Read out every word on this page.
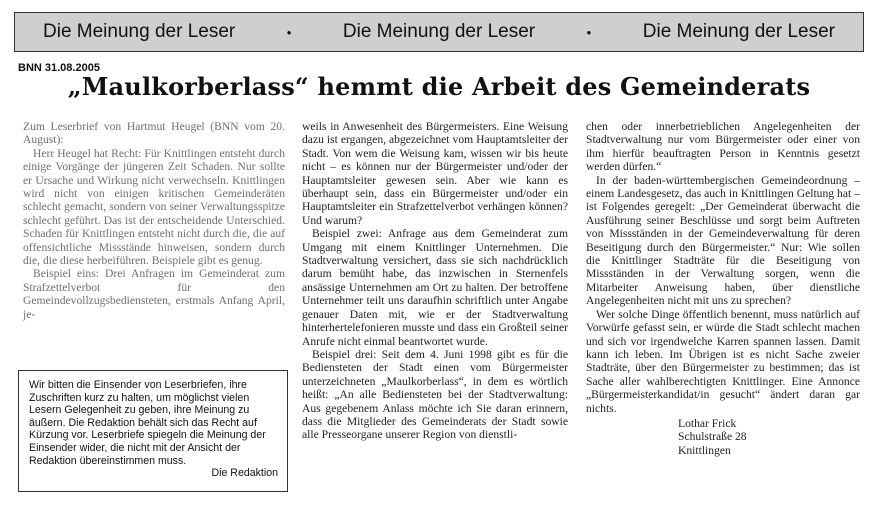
Die Meinung der Leser	•	Die Meinung der Leser	•	Die Meinung der Leser
BNN 31.08.2005
„Maulkorberlass“ hemmt die Arbeit des Gemeinderats

Zum Leserbrief von Hartmut Heugel (BNN vom 20. August):

Herr Heugel hat Recht: Für Knittlingen entsteht durch einige Vorgänge der jüngeren Zeit Schaden. Nur sollte er Ursache und Wirkung nicht verwechseln. Knittlingen wird nicht von einigen kritischen Gemeinderäten schlecht gemacht, sondern von seiner Verwaltungsspitze schlecht geführt. Das ist der entscheidende Unterschied. Schaden für Knittlingen entsteht nicht durch die, die auf offensichtliche Missstände hinweisen, sondern durch die, die diese herbeiführen. Beispiele gibt es genug.

Beispiel eins: Drei Anfragen im Gemeinderat zum Strafzettelverbot für den Gemeindevollzugsbediensteten, erstmals Anfang April, je-

weils in Anwesenheit des Bürgermeisters. Eine Weisung dazu ist ergangen, abgezeichnet vom Hauptamtsleiter der Stadt. Von wem die Weisung kam, wissen wir bis heute nicht – es können nur der Bürgermeister und/oder der Hauptamtsleiter gewesen sein. Aber wie kann es überhaupt sein, dass ein Bürgermeister und/oder ein Hauptamtsleiter ein Strafzettelverbot verhängen können? Und warum?

Beispiel zwei: Anfrage aus dem Gemeinderat zum Umgang mit einem Knittlinger Unternehmen. Die Stadtverwaltung versichert, dass sie sich nachdrücklich darum bemüht habe, das inzwischen in Sternenfels ansässige Unternehmen am Ort zu halten. Der betroffene Unternehmer teilt uns daraufhin schriftlich unter Angabe genauer Daten mit, wie er der Stadtverwaltung hinterhertelefonieren musste und dass ein Großteil seiner Anrufe nicht einmal beantwortet wurde.

Beispiel drei: Seit dem 4. Juni 1998 gibt es für die Bediensteten der Stadt einen vom Bürgermeister unterzeichneten „Maulkorberlass“, in dem es wörtlich heißt: „An alle Bediensteten bei der Stadtverwaltung: Aus gegebenem Anlass möchte ich Sie daran erinnern, dass die Mitglieder des Gemeinderats der Stadt sowie alle Presseorgane unserer Region von dienstli-

chen oder innerbetrieblichen Angelegenheiten der Stadtverwaltung nur vom Bürgermeister oder einer von ihm hierfür beauftragten Person in Kenntnis gesetzt werden dürfen.“

In der baden-württembergischen Gemeindeordnung – einem Landesgesetz, das auch in Knittlingen Geltung hat – ist Folgendes geregelt: „Der Gemeinderat überwacht die Ausführung seiner Beschlüsse und sorgt beim Auftreten von Missständen in der Gemeindeverwaltung für deren Beseitigung durch den Bürgermeister.“ Nur: Wie sollen die Knittlinger Stadträte für die Beseitigung von Missständen in der Verwaltung sorgen, wenn die Mitarbeiter Anweisung haben, über dienstliche Angelegenheiten nicht mit uns zu sprechen?

Wer solche Dinge öffentlich benennt, muss natürlich auf Vorwürfe gefasst sein, er würde die Stadt schlecht machen und sich vor irgendwelche Karren spannen lassen. Damit kann ich leben. Im Übrigen ist es nicht Sache zweier Stadträte, über den Bürgermeister zu bestimmen; das ist Sache aller wahlberechtigten Knittlinger. Eine Annonce „Bürgermeisterkandidat/in gesucht“ ändert daran gar nichts.

Lothar Frick
Schulstraße 28
Knittlingen
Wir bitten die Einsender von Leserbriefen, ihre Zuschriften kurz zu halten, um möglichst vielen Lesern Gelegenheit zu geben, ihre Meinung zu äußern. Die Redaktion behält sich das Recht auf Kürzung vor. Leserbriefe spiegeln die Meinung der Einsender wider, die nicht mit der Ansicht der Redaktion übereinstimmen muss.
Die Redaktion
